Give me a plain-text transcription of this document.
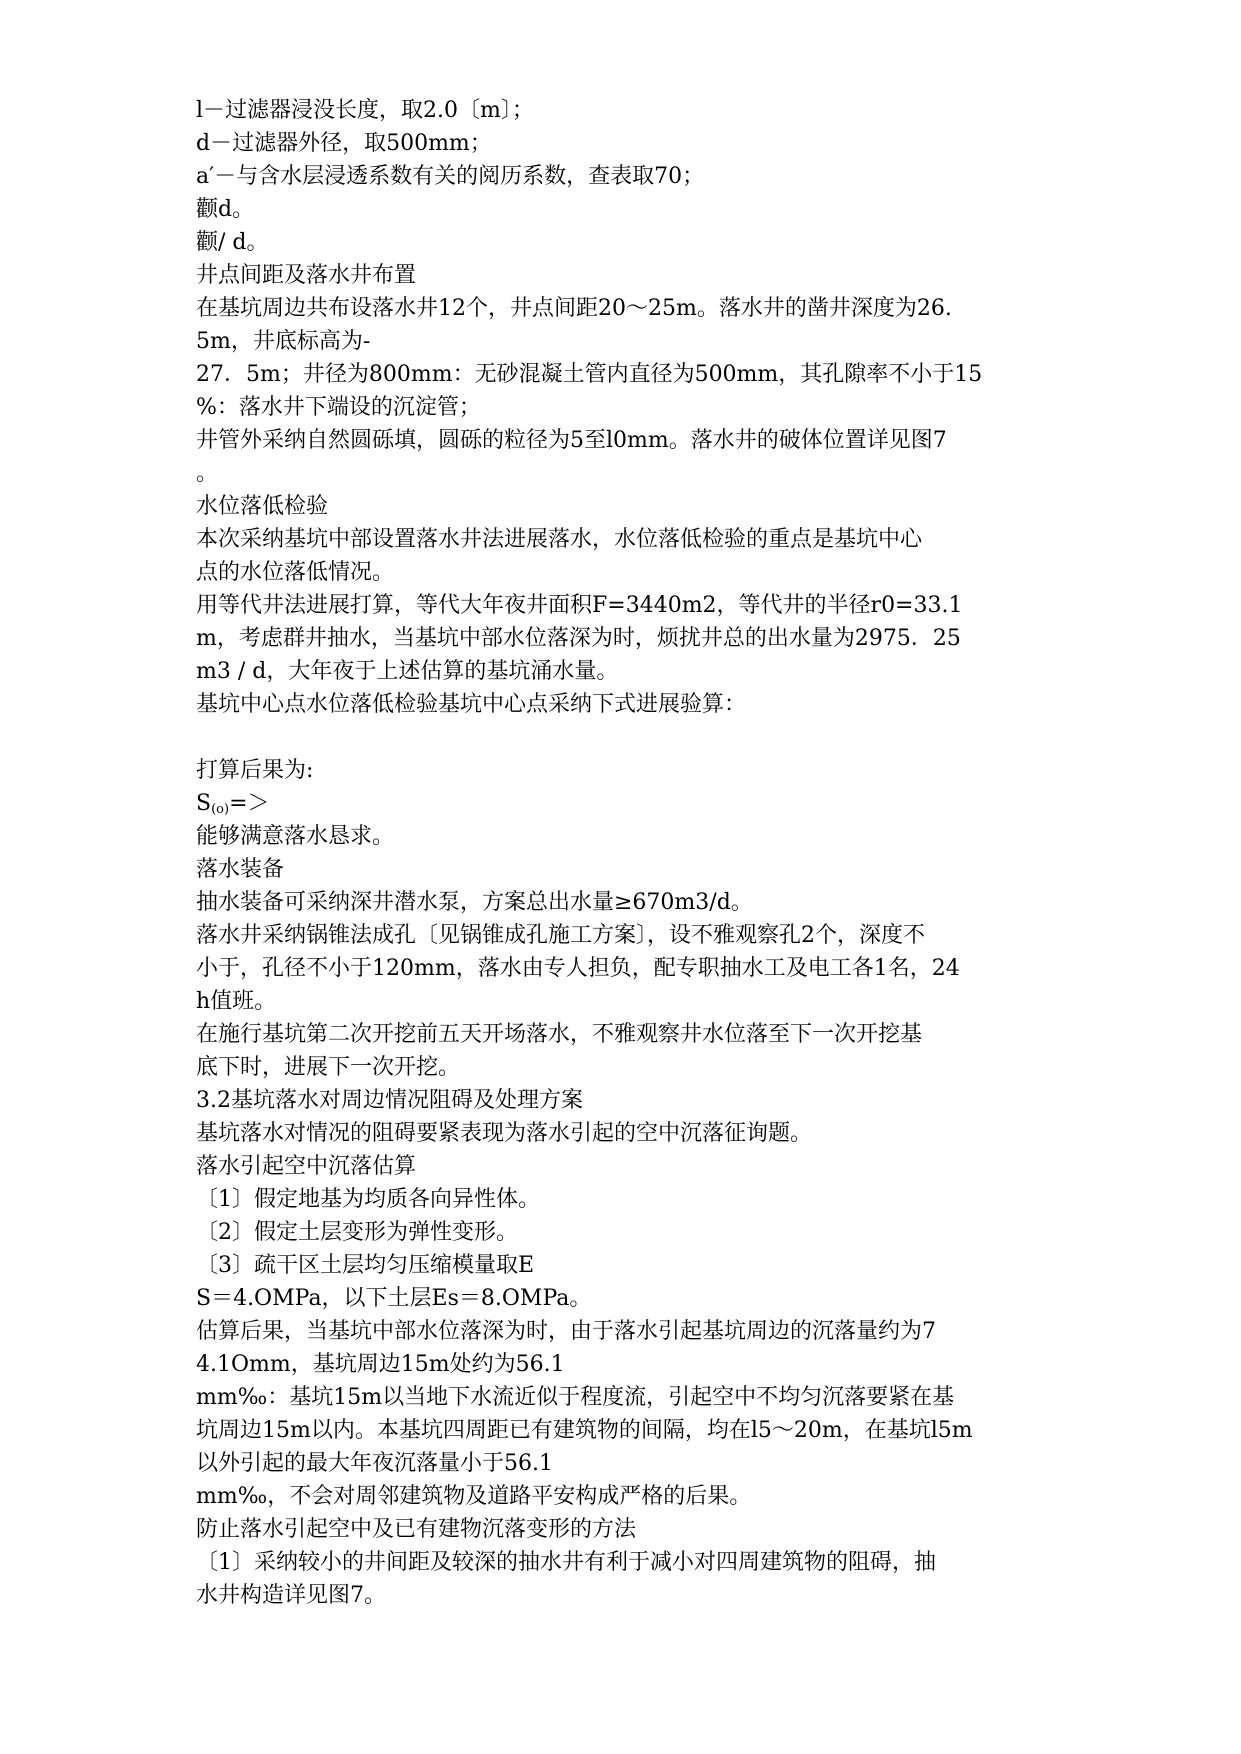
l－过滤器浸没长度，取2.0〔m〕；
d－过滤器外径，取500mm；
a′－与含水层浸透系数有关的阅历系数，查表取70；
颧d。
颧/ d。
井点间距及落水井布置
在基坑周边共布设落水井12个，井点间距20～25m。落水井的凿井深度为26.
5m，井底标高为-
27．5m；井径为800mm：无砂混凝土管内直径为500mm，其孔隙率不小于15
%：落水井下端设的沉淀管；
井管外采纳自然圆砾填，圆砾的粒径为5至l0mm。落水井的破体位置详见图7
。
水位落低检验
本次采纳基坑中部设置落水井法进展落水，水位落低检验的重点是基坑中心
点的水位落低情况。
用等代井法进展打算，等代大年夜井面积F=3440m2，等代井的半径r0=33.1
m，考虑群井抽水，当基坑中部水位落深为时，烦扰井总的出水量为2975．25
m3 / d，大年夜于上述估算的基坑涌水量。
基坑中心点水位落低检验基坑中心点采纳下式进展验算：
打算后果为:
$S_{(o)}=>$
能够满意落水恳求。
落水装备
抽水装备可采纳深井潜水泵，方案总出水量≥670m3/d。
落水井采纳锅锥法成孔〔见锅锥成孔施工方案〕，设不雅观察孔2个，深度不
小于，孔径不小于120mm，落水由专人担负，配专职抽水工及电工各1名，24
h值班。
在施行基坑第二次开挖前五天开场落水，不雅观察井水位落至下一次开挖基
底下时，进展下一次开挖。
3.2基坑落水对周边情况阻碍及处理方案
基坑落水对情况的阻碍要紧表现为落水引起的空中沉落征询题。
落水引起空中沉落估算
〔1〕假定地基为均质各向异性体。
〔2〕假定土层变形为弹性变形。
〔3〕疏干区土层均匀压缩模量取E
S＝4.OMPa，以下土层Es＝8.OMPa。
估算后果，当基坑中部水位落深为时，由于落水引起基坑周边的沉落量约为7
4.1Omm，基坑周边15m处约为56.1
mm‰：基坑15m以当地下水流近似于程度流，引起空中不均匀沉落要紧在基
坑周边15m以内。本基坑四周距已有建筑物的间隔，均在l5～20m，在基坑l5m
以外引起的最大年夜沉落量小于56.1
mm‰，不会对周邻建筑物及道路平安构成严格的后果。
防止落水引起空中及已有建物沉落变形的方法
〔1〕采纳较小的井间距及较深的抽水井有利于减小对四周建筑物的阻碍，抽
水井构造详见图7。
